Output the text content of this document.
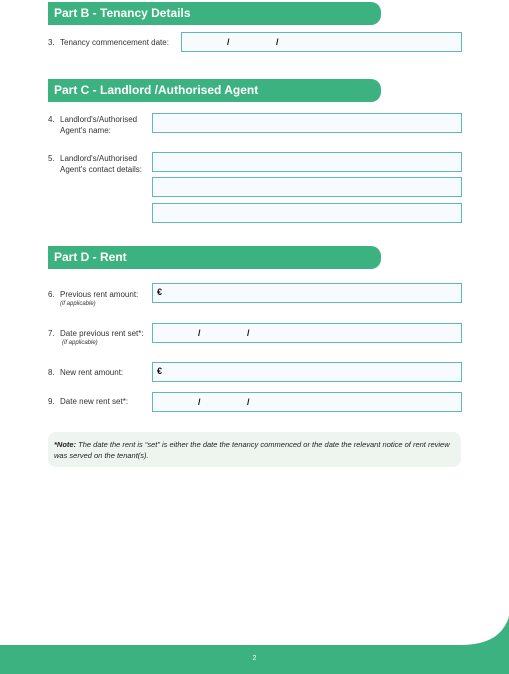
Part B - Tenancy Details
3. Tenancy commencement date:	/	/
Part C - Landlord /Authorised Agent
4. Landlord's/Authorised
Agent's name:
5. Landlord's/Authorised
Agent's contact details:
Part D - Rent
6. Previous rent amount:
(if applicable)
€
7. Date previous rent set*:
(if applicable)
/	/
8. New rent amount:	€
9. Date new rent set*:	/	/
*Note: The date the rent is “set” is either the date the tenancy commenced or the date the relevant notice of rent review was served on the tenant(s).
2
